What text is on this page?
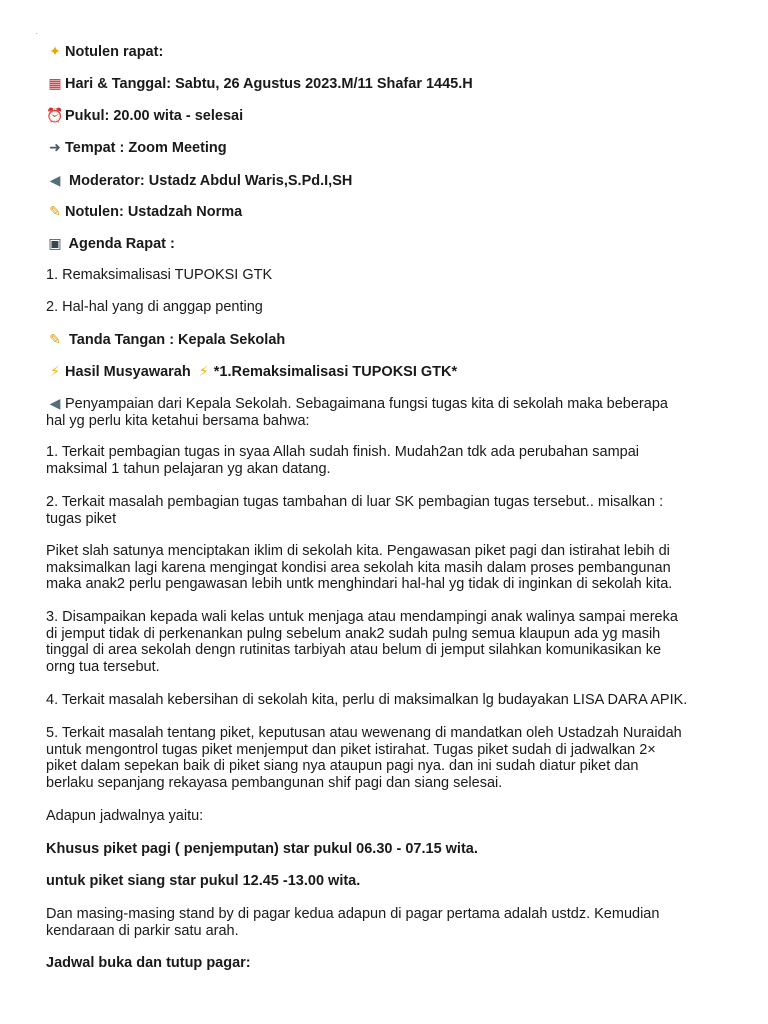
.
✦ Notulen rapat:
▦ Hari & Tanggal: Sabtu, 26 Agustus 2023.M/11 Shafar 1445.H
⏰Pukul: 20.00 wita - selesai
➜ Tempat : Zoom Meeting
◀ Moderator: Ustadz Abdul Waris,S.Pd.I,SH
✎ Notulen: Ustadzah Norma
▣ Agenda Rapat :
1. Remaksimalisasi TUPOKSI GTK
2. Hal-hal yang di anggap penting
✎ Tanda Tangan : Kepala Sekolah
⚡ Hasil Musyawarah ⚡ *1.Remaksimalisasi TUPOKSI GTK*
◀ Penyampaian dari Kepala Sekolah. Sebagaimana fungsi tugas kita di sekolah maka beberapa
hal yg perlu kita ketahui bersama bahwa:
1. Terkait pembagian tugas in syaa Allah sudah finish. Mudah2an tdk ada perubahan sampai
maksimal 1 tahun pelajaran yg akan datang.
2. Terkait masalah pembagian tugas tambahan di luar SK pembagian tugas tersebut.. misalkan :
tugas piket
Piket slah satunya menciptakan iklim di sekolah kita. Pengawasan piket pagi dan istirahat lebih di
maksimalkan lagi karena mengingat kondisi area sekolah kita masih dalam proses pembangunan
maka anak2 perlu pengawasan lebih untk menghindari hal-hal yg tidak di inginkan di sekolah kita.
3. Disampaikan kepada wali kelas untuk menjaga atau mendampingi anak walinya sampai mereka
di jemput tidak di perkenankan pulng sebelum anak2 sudah pulng semua klaupun ada yg masih
tinggal di area sekolah dengn rutinitas tarbiyah atau belum di jemput silahkan komunikasikan ke
orng tua tersebut.
4. Terkait masalah kebersihan di sekolah kita, perlu di maksimalkan lg budayakan LISA DARA APIK.
5. Terkait masalah tentang piket, keputusan atau wewenang di mandatkan oleh Ustadzah Nuraidah
untuk mengontrol tugas piket menjemput dan piket istirahat. Tugas piket sudah di jadwalkan 2×
piket dalam sepekan baik di piket siang nya ataupun pagi nya. dan ini sudah diatur piket dan
berlaku sepanjang rekayasa pembangunan shif pagi dan siang selesai.
Adapun jadwalnya yaitu:
Khusus piket pagi ( penjemputan) star pukul 06.30 - 07.15 wita.
untuk piket siang star pukul 12.45 -13.00 wita.
Dan masing-masing stand by di pagar kedua adapun di pagar pertama adalah ustdz. Kemudian
kendaraan di parkir satu arah.
Jadwal buka dan tutup pagar:
